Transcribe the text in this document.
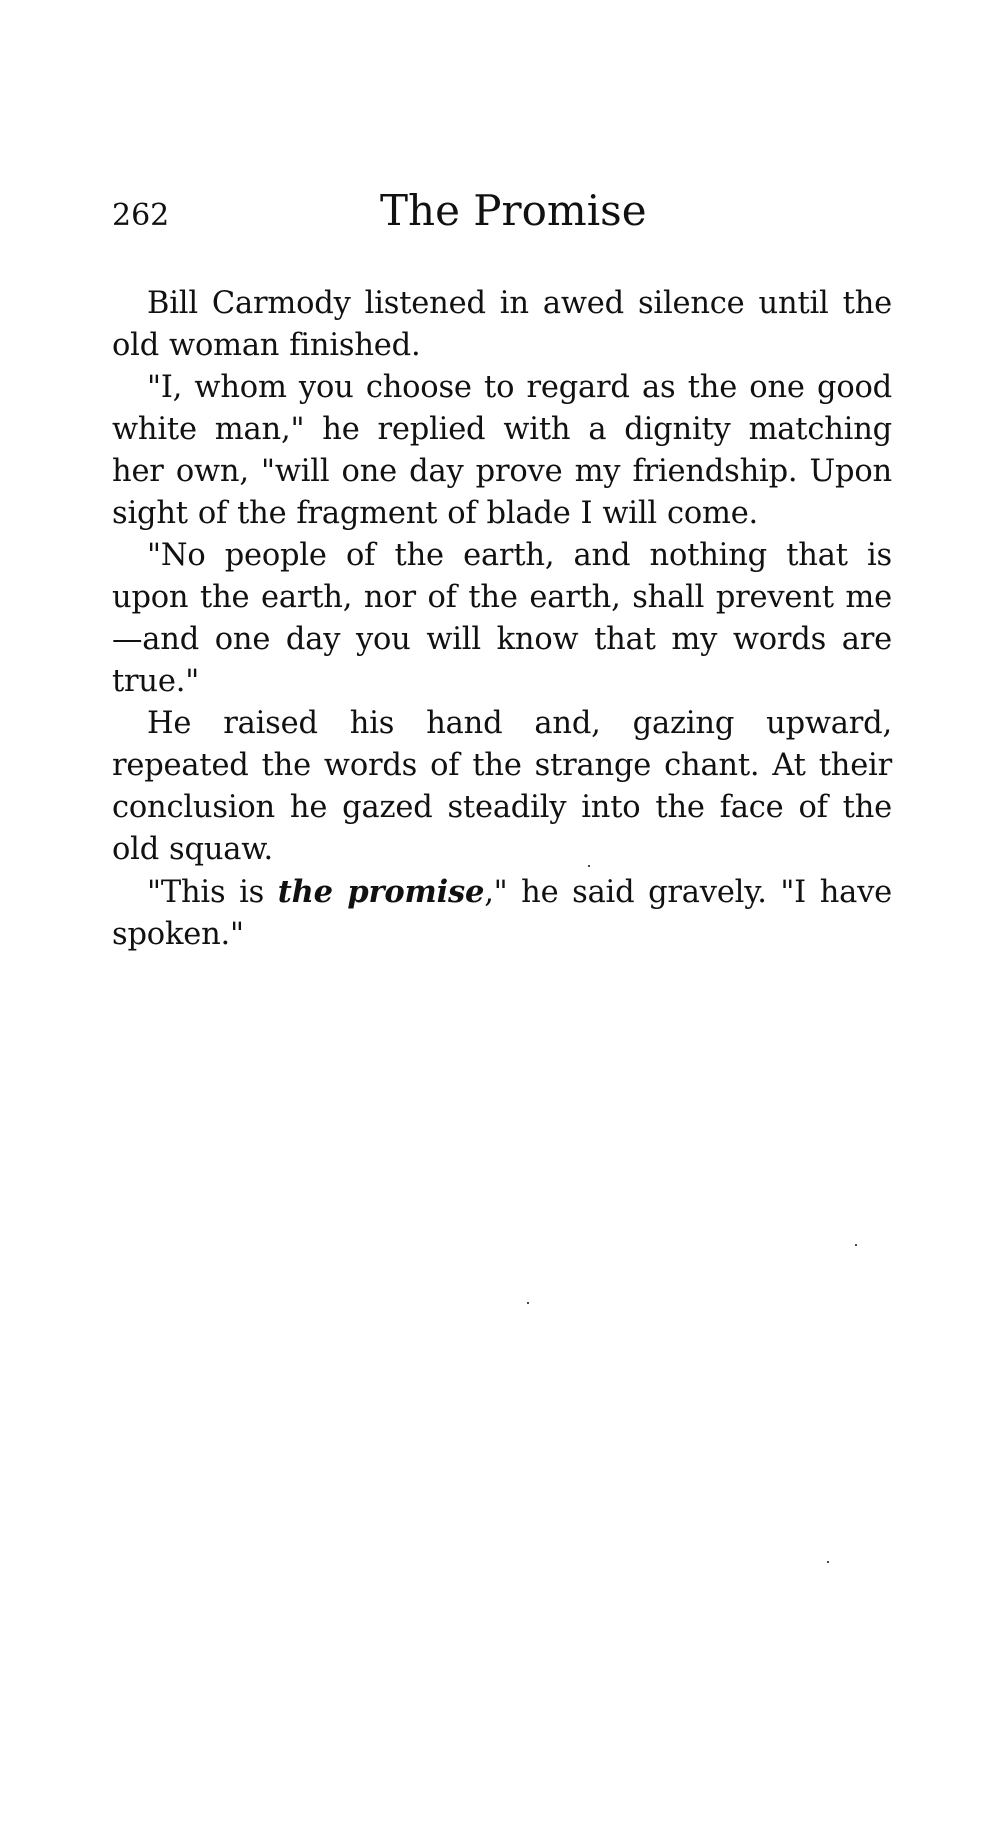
262	The Promise

Bill Carmody listened in awed silence until the old woman finished.

"I, whom you choose to regard as the one good white man," he replied with a dignity matching her own, "will one day prove my friendship. Upon sight of the fragment of blade I will come.

"No people of the earth, and nothing that is upon the earth, nor of the earth, shall prevent me —and one day you will know that my words are true."

He raised his hand and, gazing upward, repeated the words of the strange chant. At their conclusion he gazed steadily into the face of the old squaw.

"This is the promise," he said gravely. "I have spoken."
